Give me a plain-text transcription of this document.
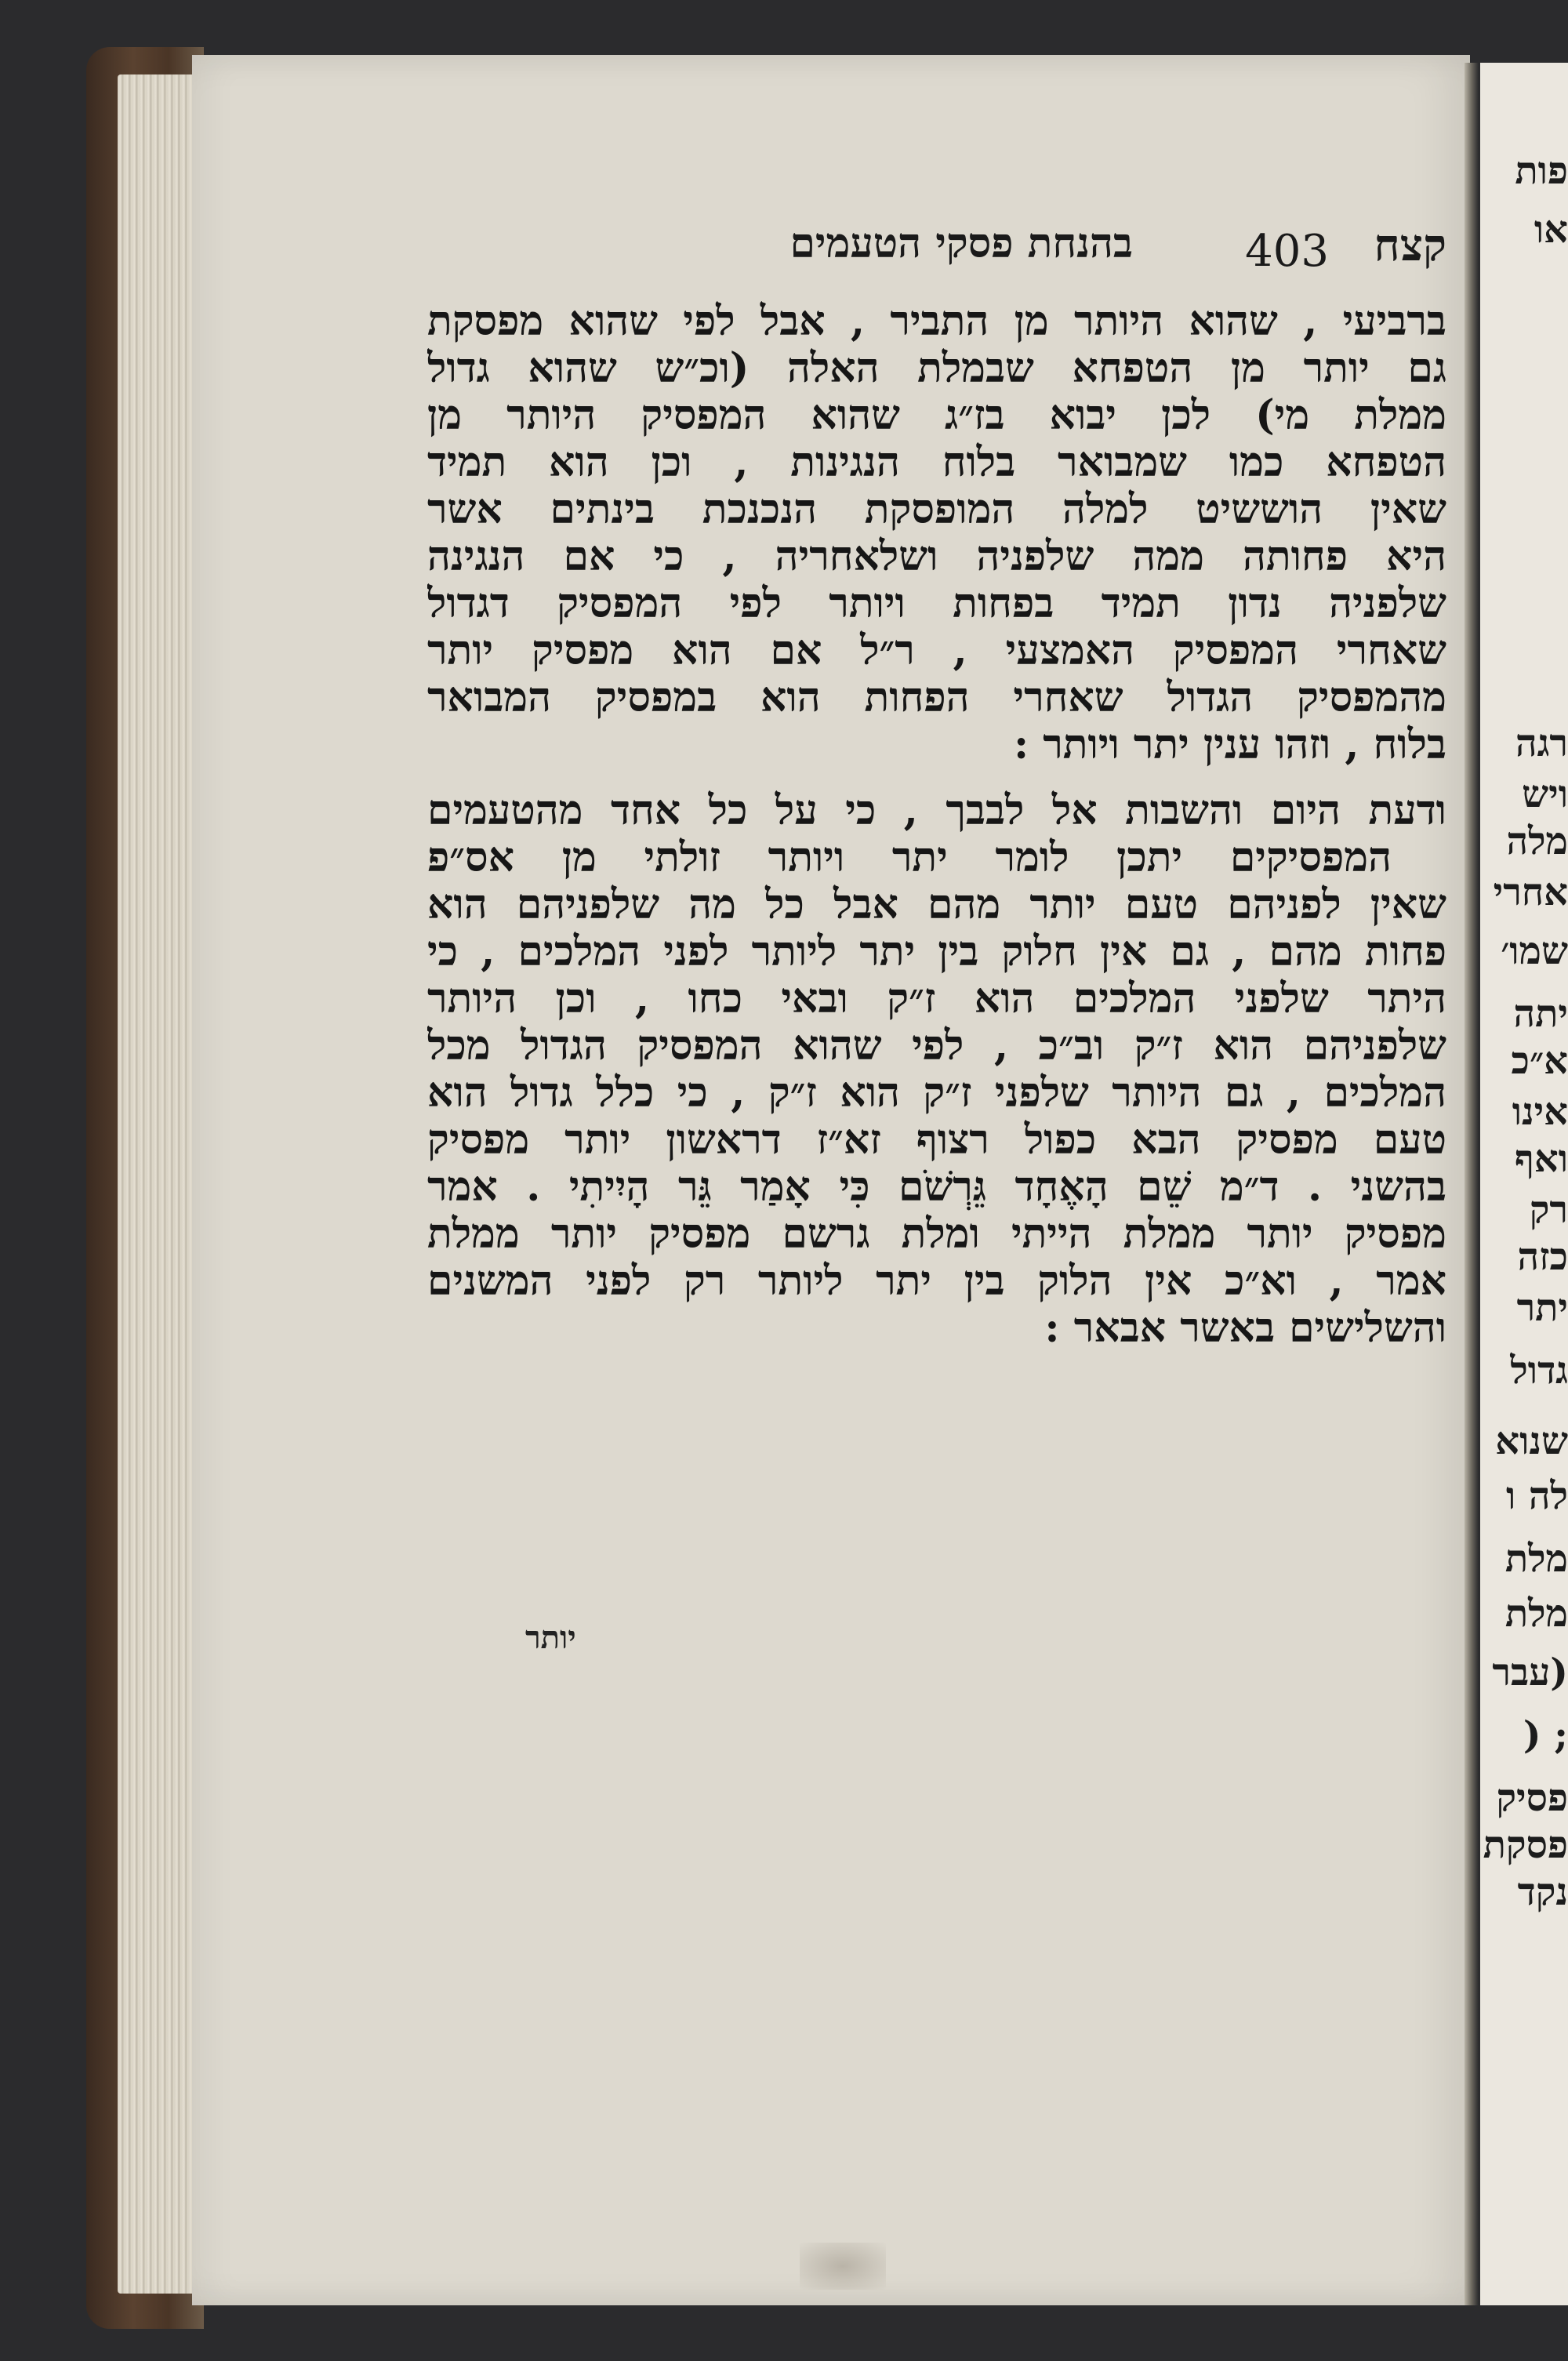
פות
או
רגה
ויש
מלה
אחרי
שמו׳
יתה
א״כ
אינו
ואף
רק
כזה
יתר
גדול
שנוא
לה ו
מלת
מלת
(עבר
; (
פסיק
פסקת
נקד
קצח
403
בהנחת פסקי הטעמים
ברביעי , שהוא היותר מן התביר , אבל לפי שהוא מפסקת
גם יותר מן הטפחא שבמלת האלה (וכ״ש שהוא גדול
ממלת מי) לכן יבוא בז״ג שהוא המפסיק היותר מן
הטפחא כמו שמבואר בלוח הנגינות , וכן הוא תמיד
שאין הוששיט למלה המופסקת הנכנכת בינתים אשר
היא פחותה ממה שלפניה ושלאחריה , כי אם הנגינה
שלפניה נדון תמיד בפחות ויותר לפי המפסיק דגדול
שאחרי המפסיק האמצעי , ר״ל אם הוא מפסיק יותר
מהמפסיק הגדול שאחרי הפחות הוא במפסיק המבואר
בלוח , וזהו ענין יתר ויותר :
ודעת היום והשבות אל לבבך , כי על כל אחד מהטעמים
המפסיקים יתכן לומר יתר ויותר זולתי מן אס״פ
שאין לפניהם טעם יותר מהם אבל כל מה שלפניהם הוא
פחות מהם , גם אין חלוק בין יתר ליותר לפני המלכים , כי
היתר שלפני המלכים הוא ז״ק ובאי כחו , וכן היותר
שלפניהם הוא ז״ק וב״כ , לפי שהוא המפסיק הגדול מכל
המלכים , גם היותר שלפני ז״ק הוא ז״ק , כי כלל גדול הוא
טעם מפסיק הבא כפול רצוף זא״ז דראשון יותר מפסיק
בהשני . ד״מ שֵׁם הָאֶחָד גֵּרְשֹׁם כִּי אָמַר גֵּר הָיִיתִי . אמר
מפסיק יותר ממלת הייתי ומלת גרשם מפסיק יותר ממלת
אמר , וא״כ אין הלוק בין יתר ליותר רק לפני המשנים
והשלישים באשר אבאר :
יותר
